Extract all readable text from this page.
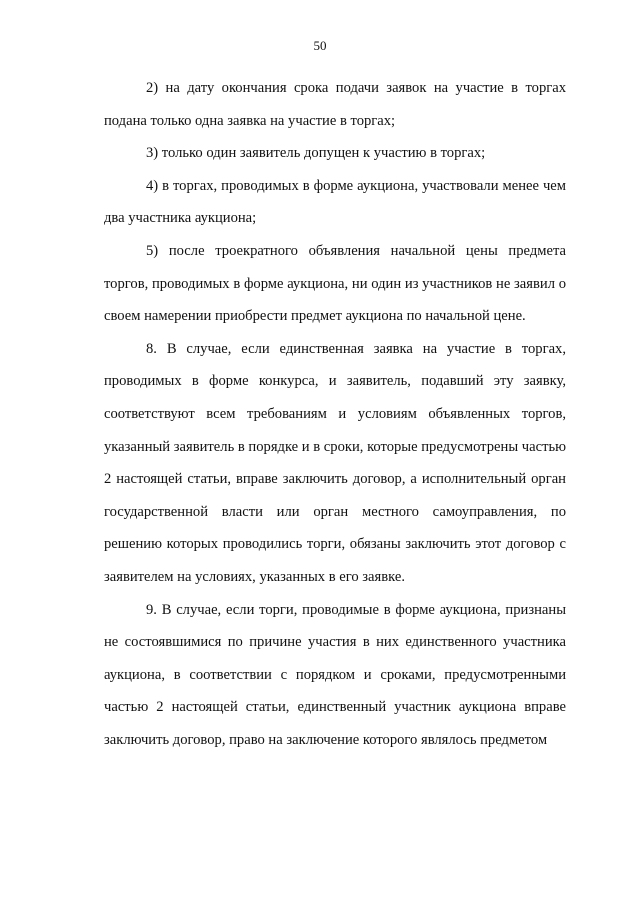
50

2) на дату окончания срока подачи заявок на участие в торгах подана только одна заявка на участие в торгах;

3) только один заявитель допущен к участию в торгах;

4) в торгах, проводимых в форме аукциона, участвовали менее чем два участника аукциона;

5) после троекратного объявления начальной цены предмета торгов, проводимых в форме аукциона, ни один из участников не заявил о своем намерении приобрести предмет аукциона по начальной цене.

8. В случае, если единственная заявка на участие в торгах, проводимых в форме конкурса, и заявитель, подавший эту заявку, соответствуют всем требованиям и условиям объявленных торгов, указанный заявитель в порядке и в сроки, которые предусмотрены частью 2 настоящей статьи, вправе заключить договор, а исполнительный орган государственной власти или орган местного самоуправления, по решению которых проводились торги, обязаны заключить этот договор с заявителем на условиях, указанных в его заявке.

9. В случае, если торги, проводимые в форме аукциона, признаны не состоявшимися по причине участия в них единственного участника аукциона, в соответствии с порядком и сроками, предусмотренными частью 2 настоящей статьи, единственный участник аукциона вправе заключить договор, право на заключение которого являлось предметом
